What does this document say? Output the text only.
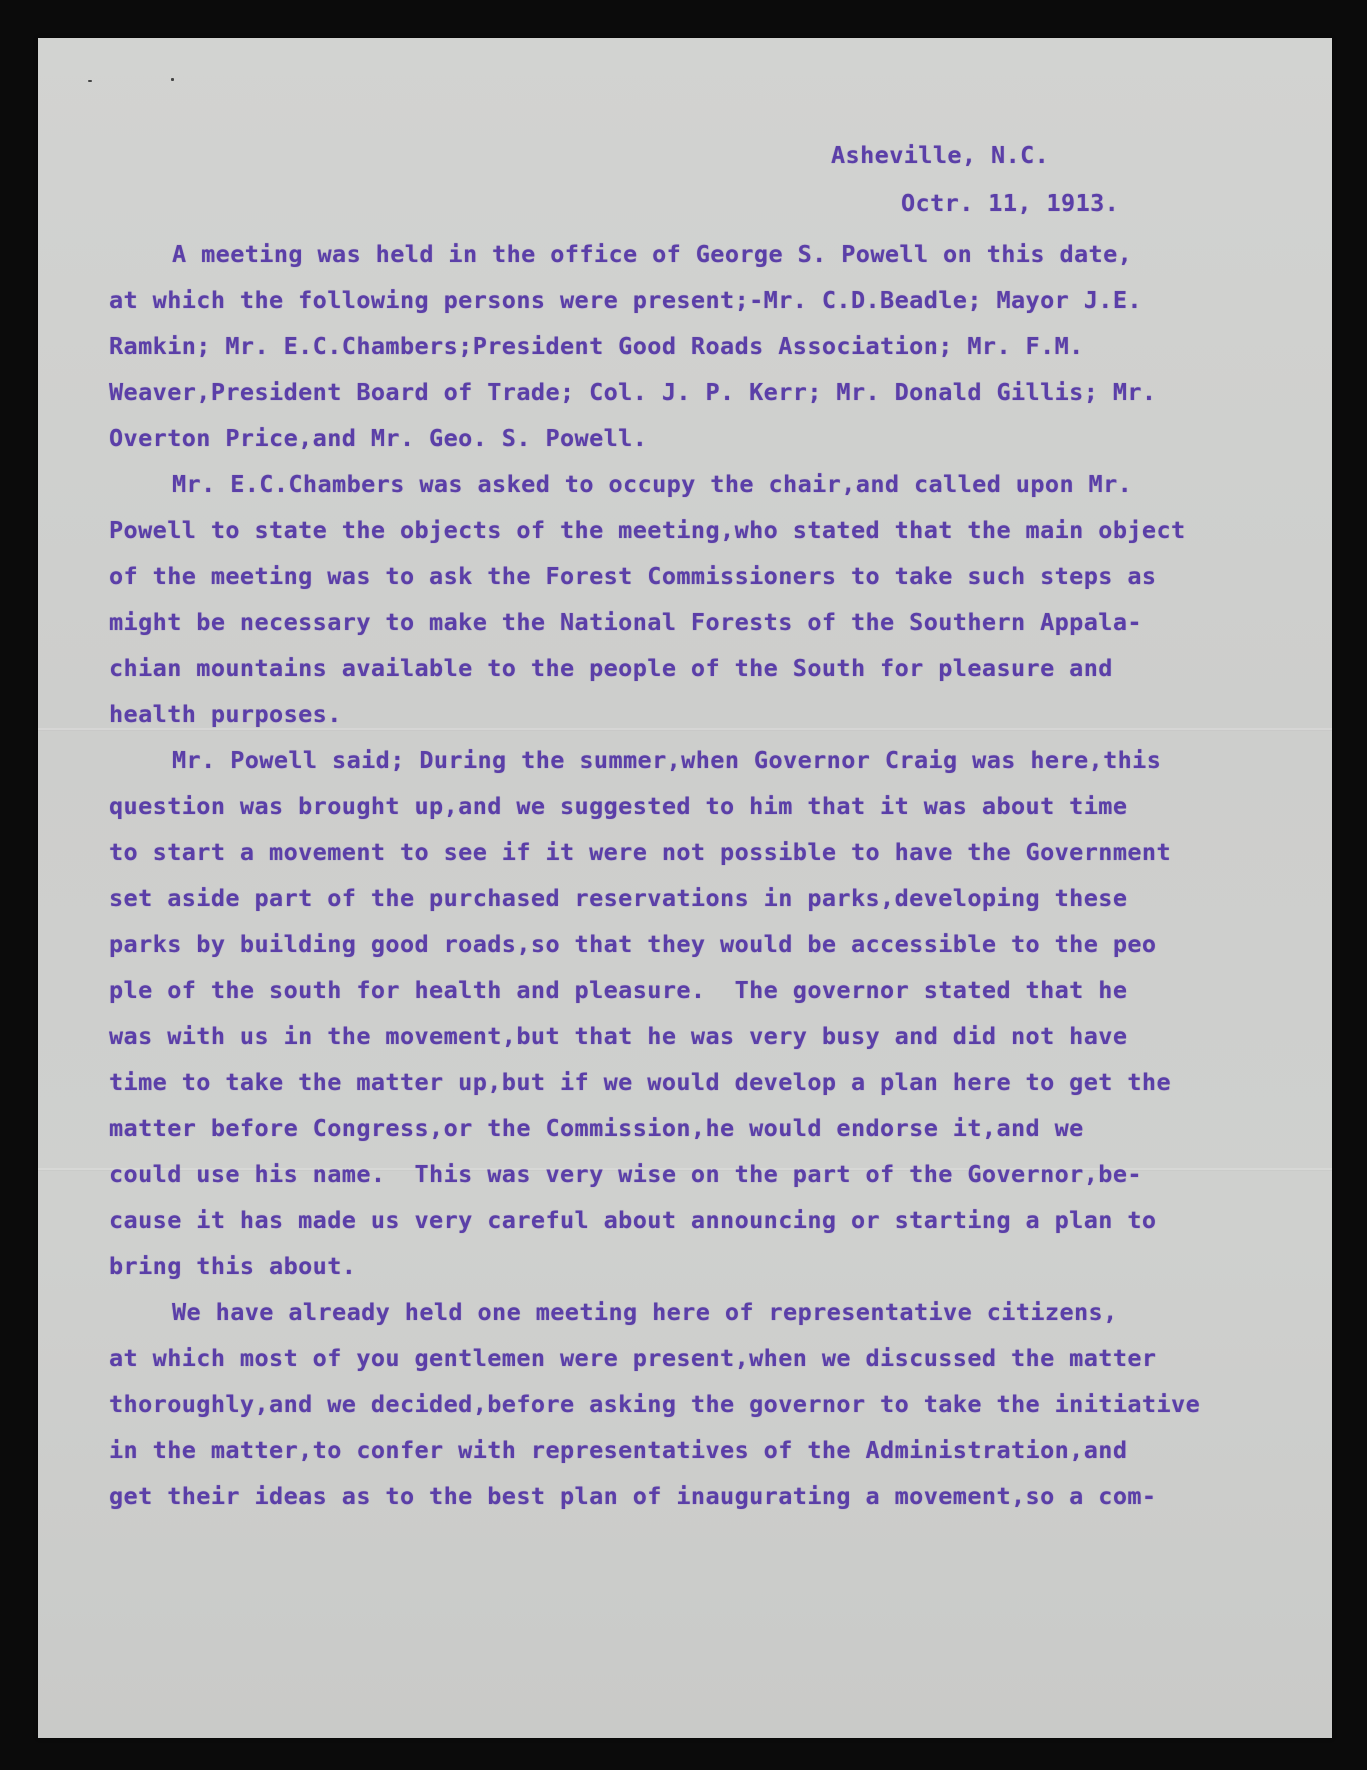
Asheville, N.C.

Octr. 11, 1913.

A meeting was held in the office of George S. Powell on this date,

at which the following persons were present;-Mr. C.D.Beadle; Mayor J.E.

Ramkin; Mr. E.C.Chambers;President Good Roads Association; Mr. F.M.

Weaver,President Board of Trade; Col. J. P. Kerr; Mr. Donald Gillis; Mr.

Overton Price,and Mr. Geo. S. Powell.

Mr. E.C.Chambers was asked to occupy the chair,and called upon Mr.

Powell to state the objects of the meeting,who stated that the main object

of the meeting was to ask the Forest Commissioners to take such steps as

might be necessary to make the National Forests of the Southern Appala-

chian mountains available to the people of the South for pleasure and

health purposes.

Mr. Powell said; During the summer,when Governor Craig was here,this

question was brought up,and we suggested to him that it was about time

to start a movement to see if it were not possible to have the Government

set aside part of the purchased reservations in parks,developing these

parks by building good roads,so that they would be accessible to the peo

ple of the south for health and pleasure.  The governor stated that he

was with us in the movement,but that he was very busy and did not have

time to take the matter up,but if we would develop a plan here to get the

matter before Congress,or the Commission,he would endorse it,and we

could use his name.  This was very wise on the part of the Governor,be-

cause it has made us very careful about announcing or starting a plan to

bring this about.

We have already held one meeting here of representative citizens,

at which most of you gentlemen were present,when we discussed the matter

thoroughly,and we decided,before asking the governor to take the initiative

in the matter,to confer with representatives of the Administration,and

get their ideas as to the best plan of inaugurating a movement,so a com-
